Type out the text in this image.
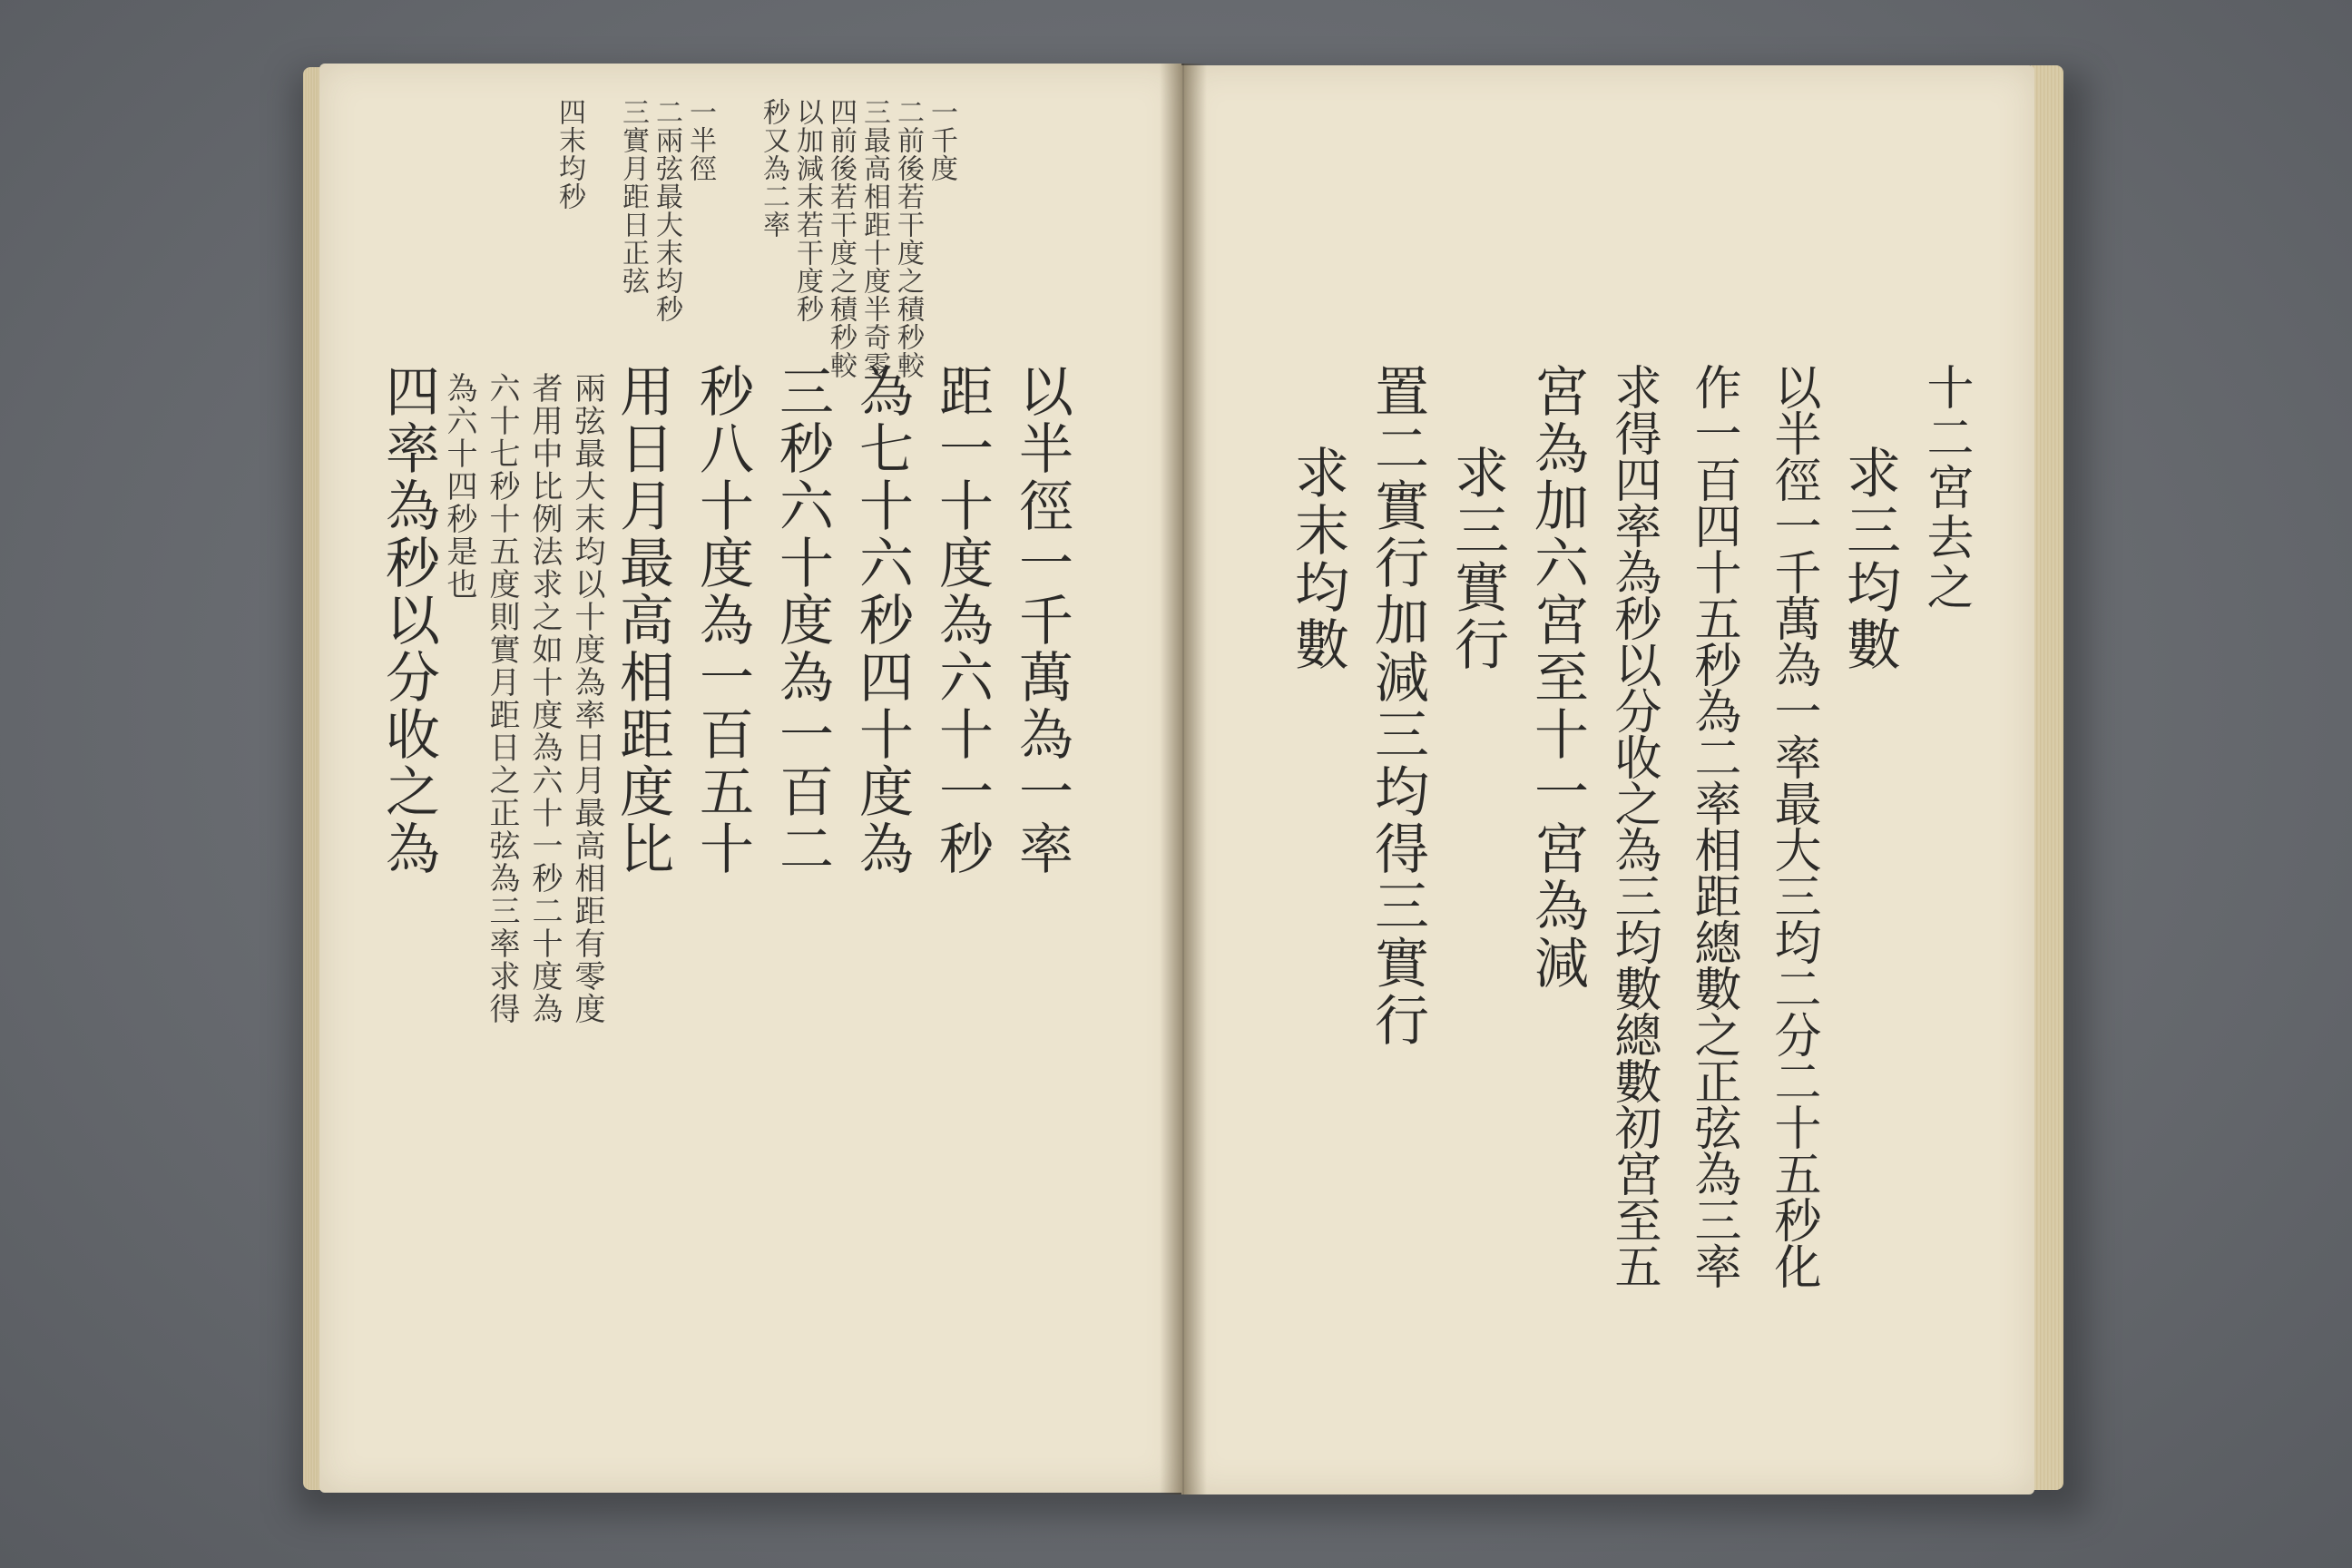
一千度
二前後若干度之積秒較
三最高相距十度半奇零
四前後若干度之積秒較
以加減末若干度秒
秒又為二率
一半徑
二兩弦最大末均秒
三實月距日正弦
四末均秒
以半徑一千萬為一率
距一十度為六十一秒
為七十六秒四十度為
三秒六十度為一百二
秒八十度為一百五十
用日月最高相距度比
兩弦最大末均以十度為率日月最高相距有零度
者用中比例法求之如十度為六十一秒二十度為
六十七秒十五度則實月距日之正弦為三率求得
為六十四秒是也
四率為秒以分收之為	十二宮去之
求三均數
以半徑一千萬為一率最大三均二分二十五秒化
作一百四十五秒為二率相距總數之正弦為三率
求得四率為秒以分收之為三均數總數初宮至五
宮為加六宮至十一宮為減
求三實行
置二實行加減三均得三實行
求末均數
